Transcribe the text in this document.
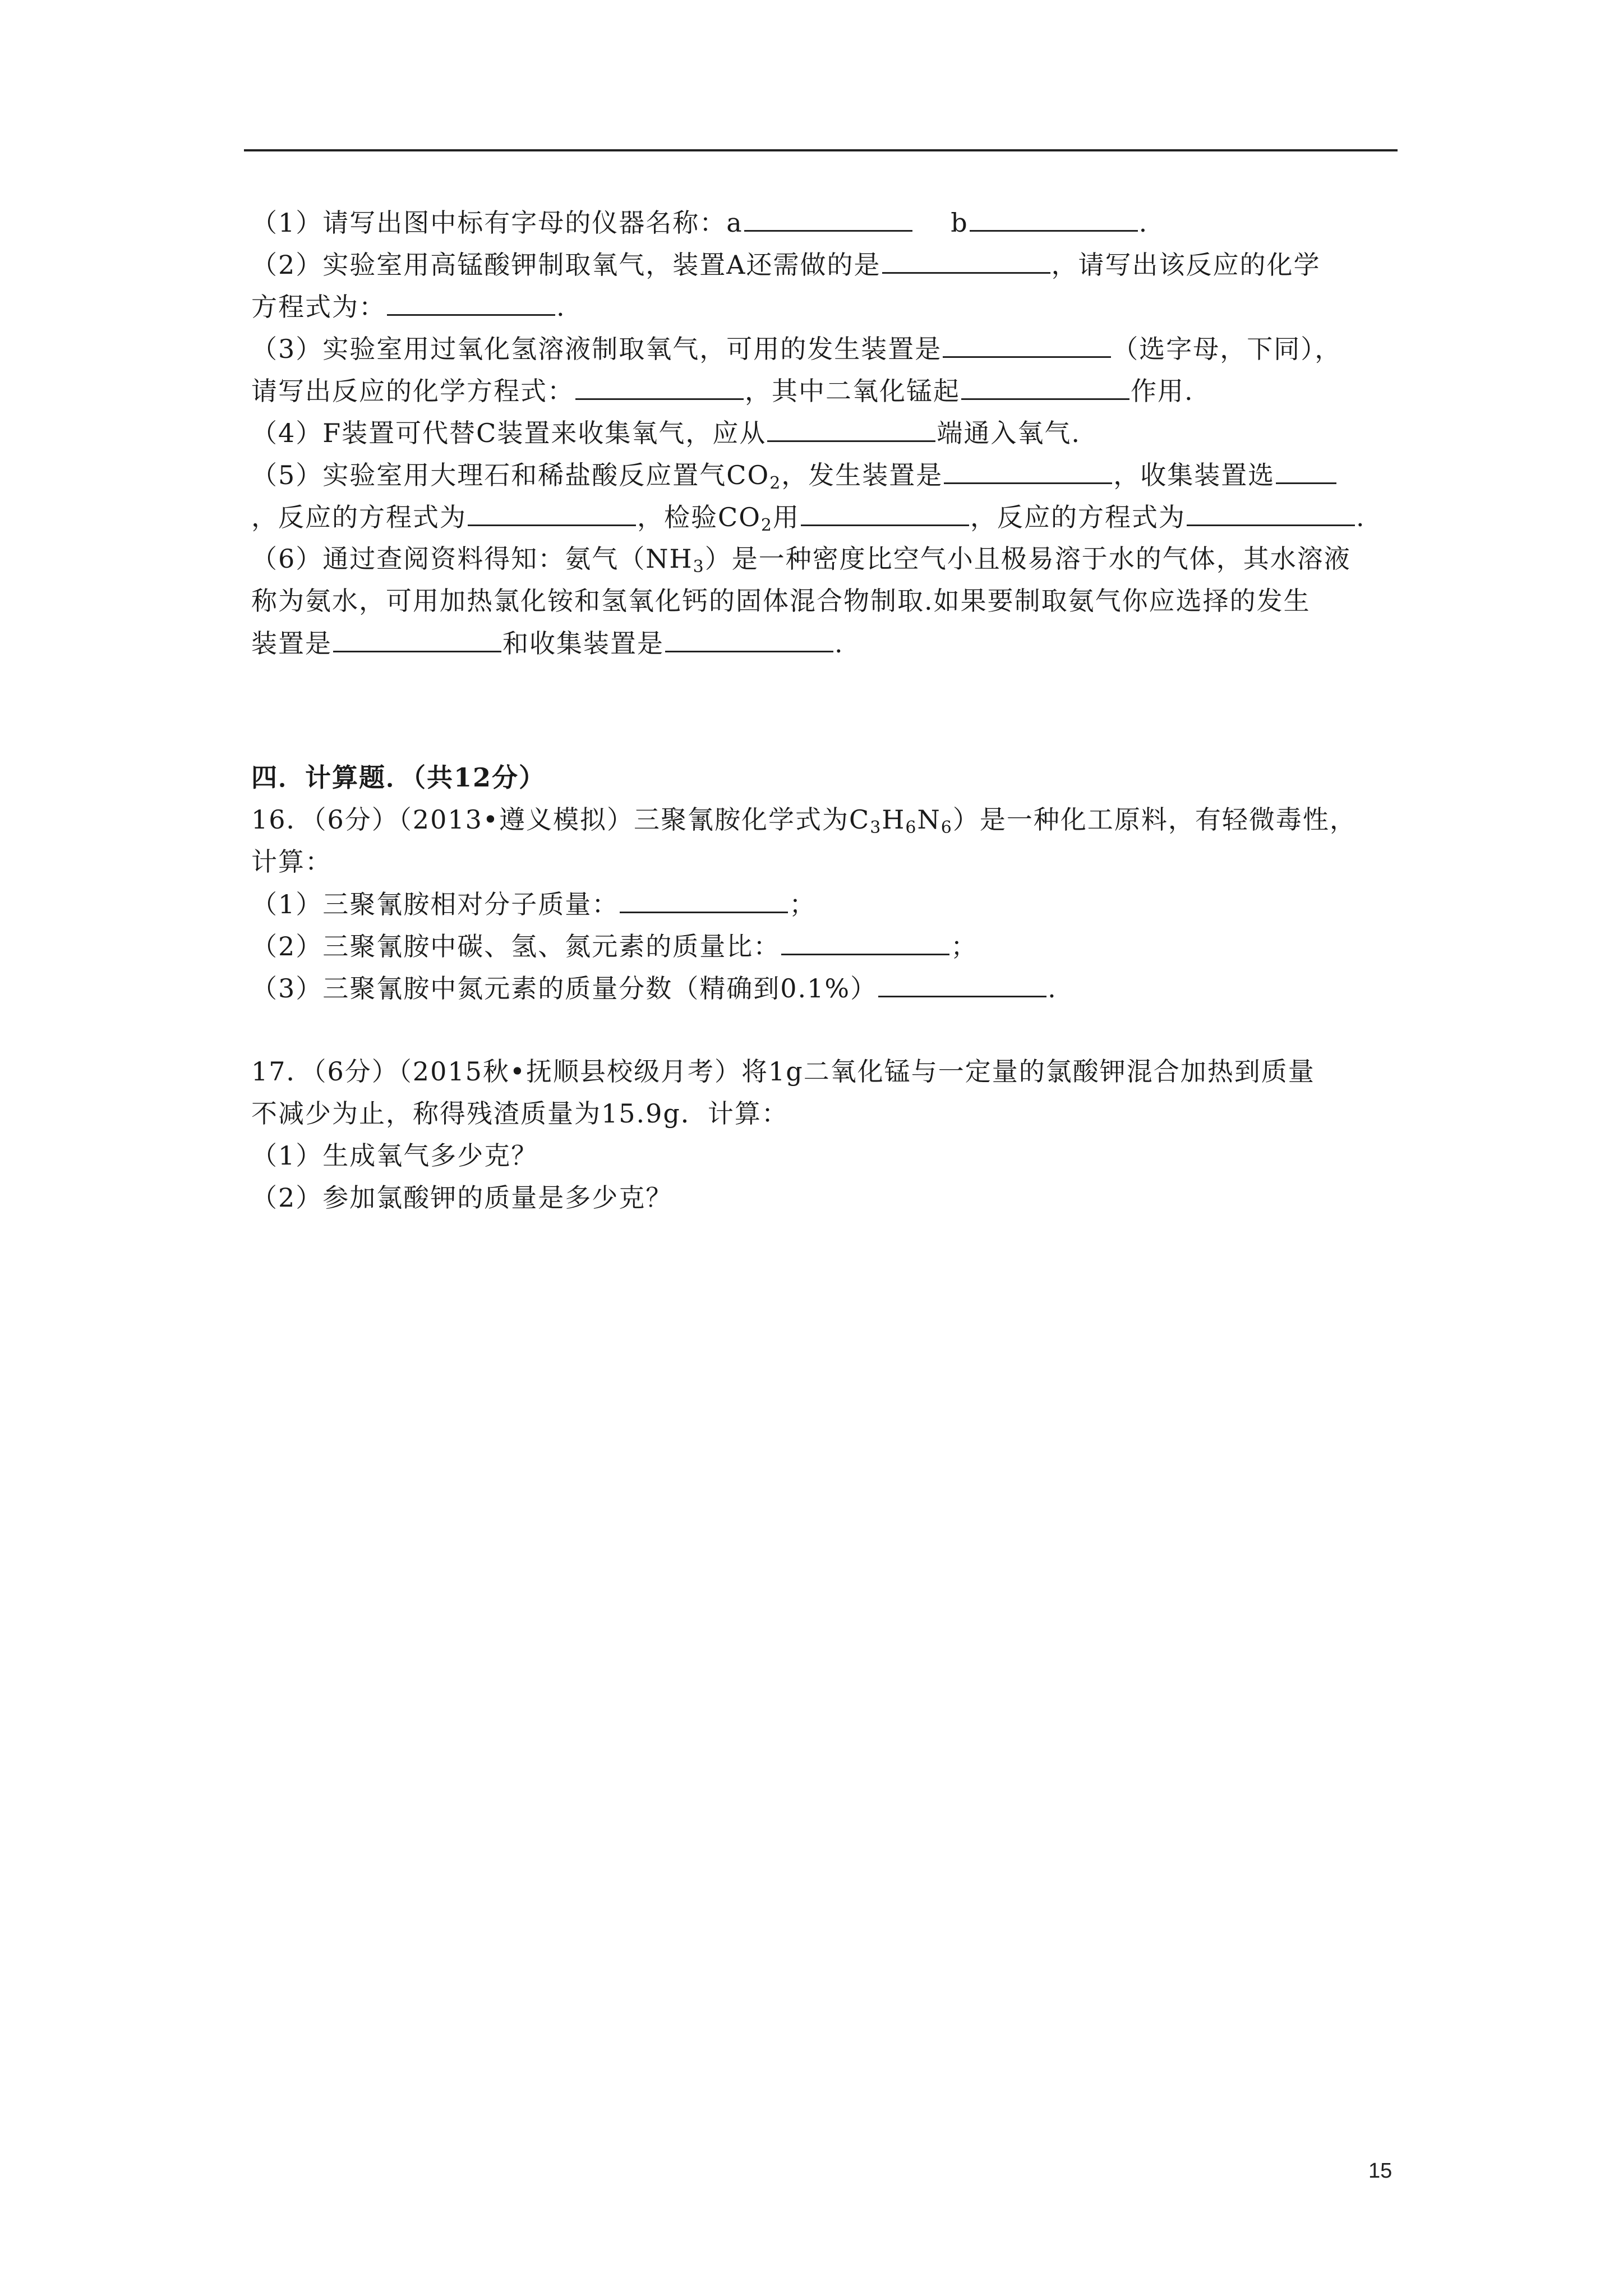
（1）请写出图中标有字母的仪器名称：a	b	.
（2）实验室用高锰酸钾制取氧气，装置A还需做的是	，请写出该反应的化学
方程式为：	.
（3）实验室用过氧化氢溶液制取氧气，可用的发生装置是	（选字母，下同），
请写出反应的化学方程式：	，其中二氧化锰起	作用.
（4）F装置可代替C装置来收集氧气，应从	端通入氧气.
（5）实验室用大理石和稀盐酸反应置气$CO_2$，发生装置是	，收集装置选
，反应的方程式为	，检验$CO_2$用	，反应的方程式为	.
（6）通过查阅资料得知：氨气$(NH_3)$是一种密度比空气小且极易溶于水的气体，其水溶液
称为氨水，可用加热氯化铵和氢氧化钙的固体混合物制取.如果要制取氨气你应选择的发生
装置是	和收集装置是	.
四．计算题．（共12分）
16．（6分）（2013•遵义模拟）三聚氰胺化学式为$C_3H_6N_6$）是一种化工原料，有轻微毒性，
计算：
（1）三聚氰胺相对分子质量：	；
（2）三聚氰胺中碳、氢、氮元素的质量比：	；
（3）三聚氰胺中氮元素的质量分数（精确到0.1%）	.
17．（6分）（2015秋•抚顺县校级月考）将1g二氧化锰与一定量的氯酸钾混合加热到质量
不减少为止，称得残渣质量为15.9g．计算：
（1）生成氧气多少克？
（2）参加氯酸钾的质量是多少克？
15
